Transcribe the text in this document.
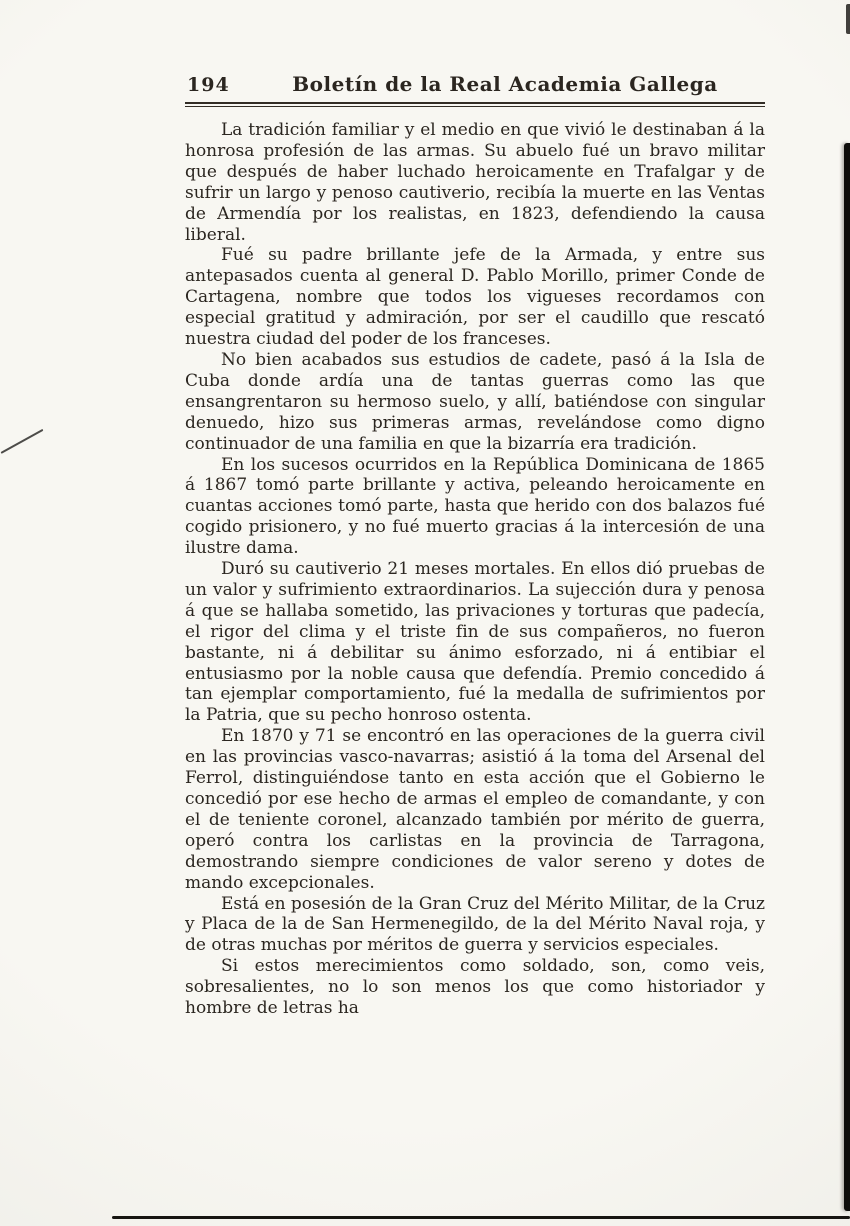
194	Boletín de la Real Academia Gallega

La tradición familiar y el medio en que vivió le destinaban á la honrosa profesión de las armas. Su abuelo fué un bravo militar que después de haber luchado heroicamente en Trafalgar y de sufrir un largo y penoso cautiverio, recibía la muerte en las Ventas de Armendía por los realistas, en 1823, defendiendo la causa liberal.

Fué su padre brillante jefe de la Armada, y entre sus antepasados cuenta al general D. Pablo Morillo, primer Conde de Cartagena, nombre que todos los vigueses recordamos con especial gratitud y admiración, por ser el caudillo que rescató nuestra ciudad del poder de los franceses.

No bien acabados sus estudios de cadete, pasó á la Isla de Cuba donde ardía una de tantas guerras como las que ensangrentaron su hermoso suelo, y allí, batiéndose con singular denuedo, hizo sus primeras armas, revelándose como digno continuador de una familia en que la bizarría era tradición.

En los sucesos ocurridos en la República Dominicana de 1865 á 1867 tomó parte brillante y activa, peleando heroicamente en cuantas acciones tomó parte, hasta que herido con dos balazos fué cogido prisionero, y no fué muerto gracias á la intercesión de una ilustre dama.

Duró su cautiverio 21 meses mortales. En ellos dió pruebas de un valor y sufrimiento extraordinarios. La sujección dura y penosa á que se hallaba sometido, las privaciones y torturas que padecía, el rigor del clima y el triste fin de sus compañeros, no fueron bastante, ni á debilitar su ánimo esforzado, ni á entibiar el entusiasmo por la noble causa que defendía. Premio concedido á tan ejemplar comportamiento, fué la medalla de sufrimientos por la Patria, que su pecho honroso ostenta.

En 1870 y 71 se encontró en las operaciones de la guerra civil en las provincias vasco-navarras; asistió á la toma del Arsenal del Ferrol, distinguiéndose tanto en esta acción que el Gobierno le concedió por ese hecho de armas el empleo de comandante, y con el de teniente coronel, alcanzado también por mérito de guerra, operó contra los carlistas en la provincia de Tarragona, demostrando siempre condiciones de valor sereno y dotes de mando excepcionales.

Está en posesión de la Gran Cruz del Mérito Militar, de la Cruz y Placa de la de San Hermenegildo, de la del Mérito Naval roja, y de otras muchas por méritos de guerra y servicios especiales.

Si estos merecimientos como soldado, son, como veis, sobresalientes, no lo son menos los que como historiador y hombre de letras ha
